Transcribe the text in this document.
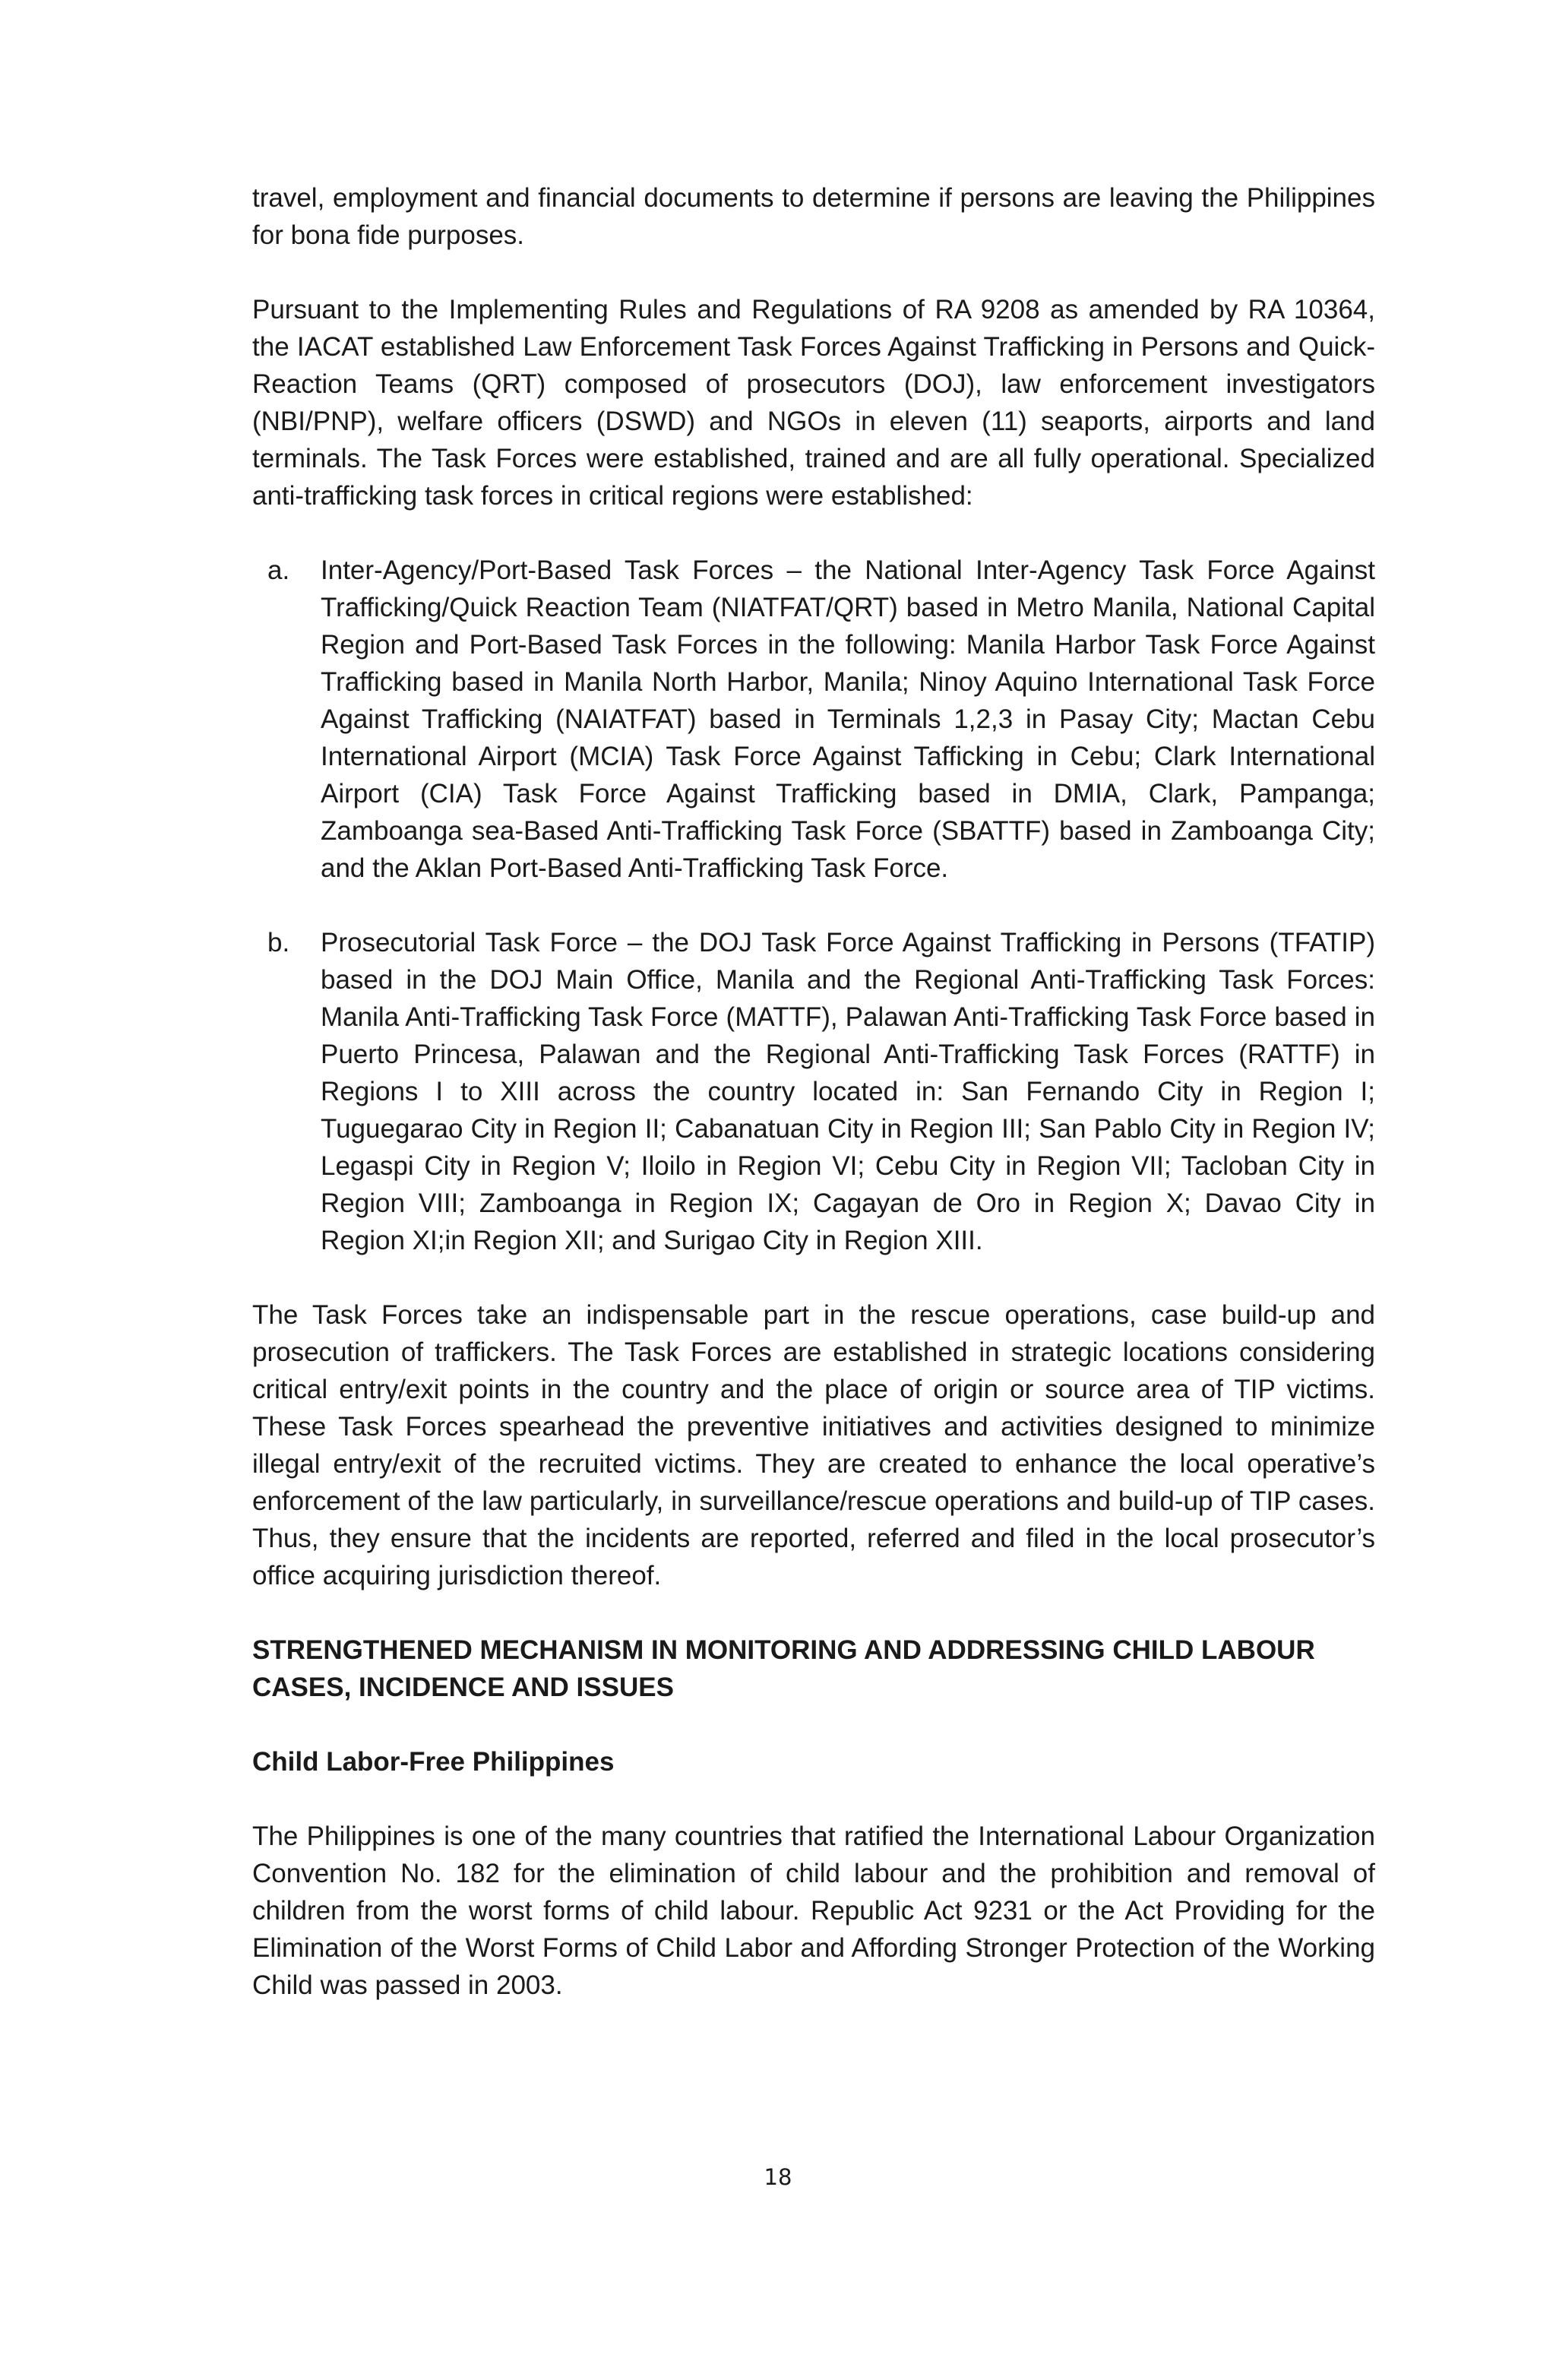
travel, employment and financial documents to determine if persons are leaving the Philippines for bona fide purposes.

Pursuant to the Implementing Rules and Regulations of RA 9208 as amended by RA 10364, the IACAT established Law Enforcement Task Forces Against Trafficking in Persons and Quick-Reaction Teams (QRT) composed of prosecutors (DOJ), law enforcement investigators (NBI/PNP), welfare officers (DSWD) and NGOs in eleven (11) seaports, airports and land terminals. The Task Forces were established, trained and are all fully operational. Specialized anti-trafficking task forces in critical regions were established:

a.	Inter-Agency/Port-Based Task Forces – the National Inter-Agency Task Force Against Trafficking/Quick Reaction Team (NIATFAT/QRT) based in Metro Manila, National Capital Region and Port-Based Task Forces in the following: Manila Harbor Task Force Against Trafficking based in Manila North Harbor, Manila; Ninoy Aquino International Task Force Against Trafficking (NAIATFAT) based in Terminals 1,2,3 in Pasay City; Mactan Cebu International Airport (MCIA) Task Force Against Tafficking in Cebu; Clark International Airport (CIA) Task Force Against Trafficking based in DMIA, Clark, Pampanga; Zamboanga sea-Based Anti-Trafficking Task Force (SBATTF) based in Zamboanga City; and the Aklan Port-Based Anti-Trafficking Task Force.
b.	Prosecutorial Task Force – the DOJ Task Force Against Trafficking in Persons (TFATIP) based in the DOJ Main Office, Manila and the Regional Anti-Trafficking Task Forces: Manila Anti-Trafficking Task Force (MATTF), Palawan Anti-Trafficking Task Force based in Puerto Princesa, Palawan and the Regional Anti-Trafficking Task Forces (RATTF) in Regions I to XIII across the country located in: San Fernando City in Region I; Tuguegarao City in Region II; Cabanatuan City in Region III; San Pablo City in Region IV; Legaspi City in Region V; Iloilo in Region VI; Cebu City in Region VII; Tacloban City in Region VIII; Zamboanga in Region IX; Cagayan de Oro in Region X; Davao City in Region XI;in Region XII; and Surigao City in Region XIII.

The Task Forces take an indispensable part in the rescue operations, case build-up and prosecution of traffickers. The Task Forces are established in strategic locations considering critical entry/exit points in the country and the place of origin or source area of TIP victims. These Task Forces spearhead the preventive initiatives and activities designed to minimize illegal entry/exit of the recruited victims. They are created to enhance the local operative’s enforcement of the law particularly, in surveillance/rescue operations and build-up of TIP cases. Thus, they ensure that the incidents are reported, referred and filed in the local prosecutor’s office acquiring jurisdiction thereof.

STRENGTHENED MECHANISM IN MONITORING AND ADDRESSING CHILD LABOUR CASES, INCIDENCE AND ISSUES

Child Labor-Free Philippines

The Philippines is one of the many countries that ratified the International Labour Organization Convention No. 182 for the elimination of child labour and the prohibition and removal of children from the worst forms of child labour. Republic Act 9231 or the Act Providing for the Elimination of the Worst Forms of Child Labor and Affording Stronger Protection of the Working Child was passed in 2003.

18
